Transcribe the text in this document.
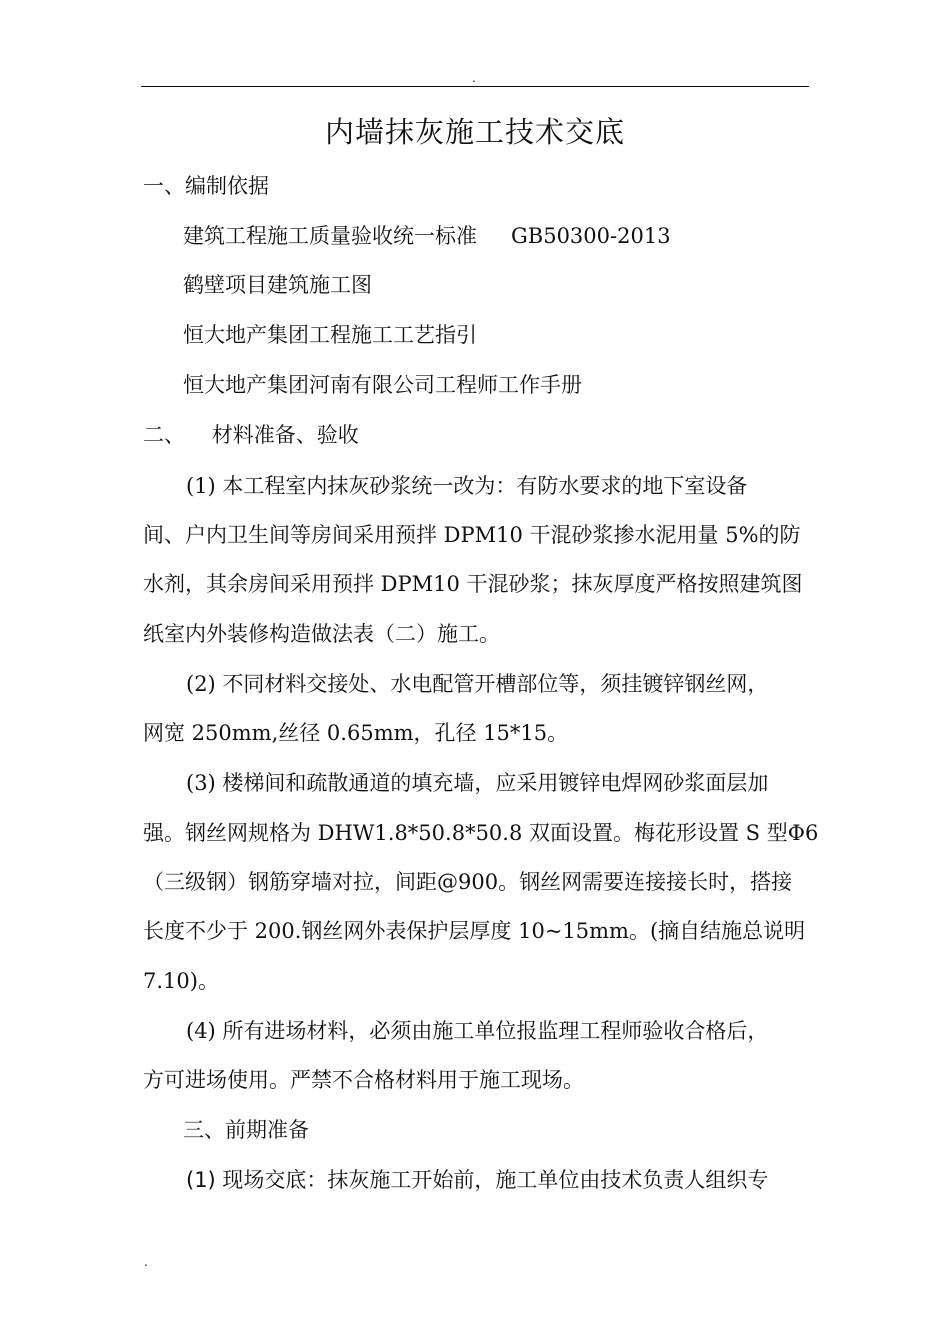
.
内墙抹灰施工技术交底
一、编制依据
建筑工程施工质量验收统一标准 GB50300-2013
鹤壁项目建筑施工图
恒大地产集团工程施工工艺指引
恒大地产集团河南有限公司工程师工作手册
二、    材料准备、验收
(1) 本工程室内抹灰砂浆统一改为：有防水要求的地下室设备
间、户内卫生间等房间采用预拌 DPM10 干混砂浆掺水泥用量 5%的防
水剂，其余房间采用预拌 DPM10 干混砂浆；抹灰厚度严格按照建筑图
纸室内外装修构造做法表（二）施工。
(2) 不同材料交接处、水电配管开槽部位等，须挂镀锌钢丝网，
网宽 250mm,丝径 0.65mm，孔径 15*15。
(3) 楼梯间和疏散通道的填充墙，应采用镀锌电焊网砂浆面层加
强。钢丝网规格为 DHW1.8*50.8*50.8 双面设置。梅花形设置 S 型Φ6
（三级钢）钢筋穿墙对拉，间距@900。钢丝网需要连接接长时，搭接
长度不少于 200.钢丝网外表保护层厚度 10~15mm。(摘自结施总说明
7.10)。
(4) 所有进场材料，必须由施工单位报监理工程师验收合格后，
方可进场使用。严禁不合格材料用于施工现场。
三、前期准备
(1) 现场交底：抹灰施工开始前，施工单位由技术负责人组织专
.
